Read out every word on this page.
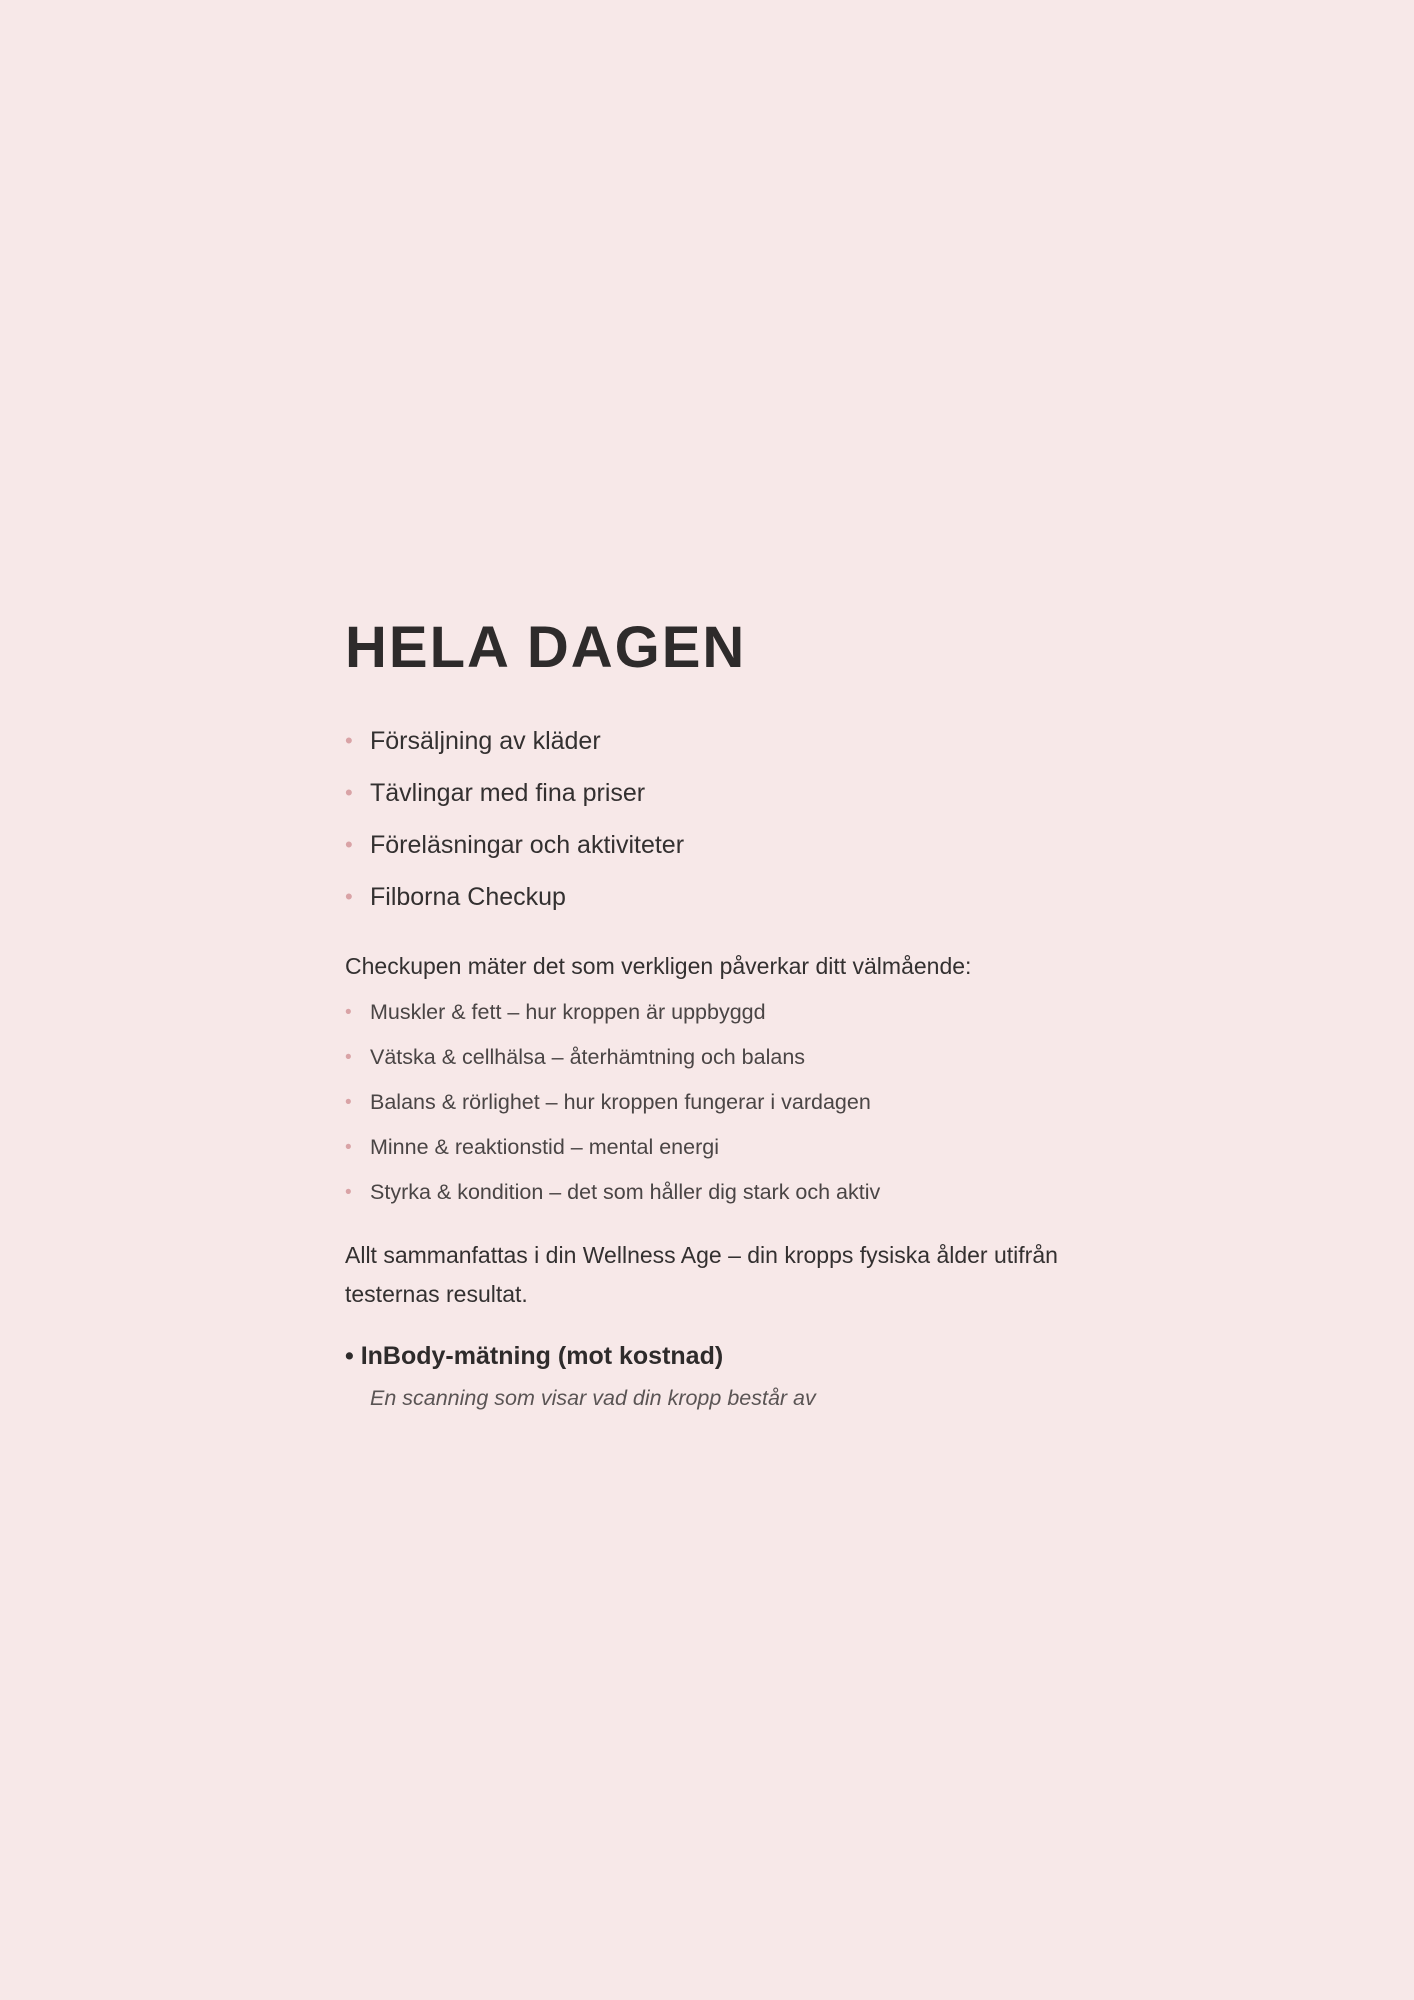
HELA DAGEN
• Försäljning av kläder
• Tävlingar med fina priser
• Föreläsningar och aktiviteter
• Filborna Checkup

Checkupen mäter det som verkligen påverkar ditt välmående:

• Muskler & fett – hur kroppen är uppbyggd
• Vätska & cellhälsa – återhämtning och balans
• Balans & rörlighet – hur kroppen fungerar i vardagen
• Minne & reaktionstid – mental energi
• Styrka & kondition – det som håller dig stark och aktiv

Allt sammanfattas i din Wellness Age – din kropps fysiska ålder utifrån testernas resultat.

• InBody-mätning (mot kostnad)
En scanning som visar vad din kropp består av
